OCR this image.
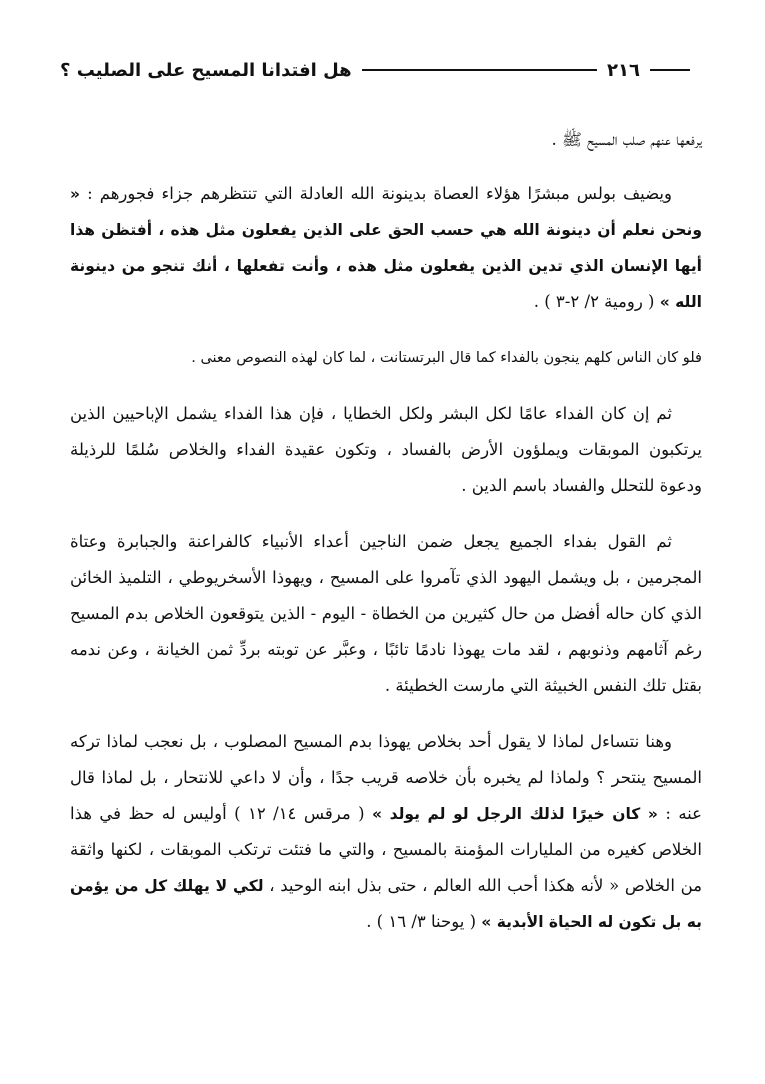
هل افتدانا المسيح على الصليب ؟	٢١٦

يرفعها عنهم صلب المسيح ﷺ .

ويضيف بولس مبشرًا هؤلاء العصاة بدينونة الله العادلة التي تنتظرهم جزاء فجورهم : « ونحن نعلم أن دينونة الله هي حسب الحق على الذين يفعلون مثل هذه ، أفتظن هذا أيها الإنسان الذي تدين الذين يفعلون مثل هذه ، وأنت تفعلها ، أنك تنجو من دينونة الله » ( رومية ٢/ ٢-٣ ) .

فلو كان الناس كلهم ينجون بالفداء كما قال البرتستانت ، لما كان لهذه النصوص معنى .

ثم إن كان الفداء عامًا لكل البشر ولكل الخطايا ، فإن هذا الفداء يشمل الإباحيين الذين يرتكبون الموبقات ويملؤون الأرض بالفساد ، وتكون عقيدة الفداء والخلاص سُلمًا للرذيلة ودعوة للتحلل والفساد باسم الدين .

ثم القول بفداء الجميع يجعل ضمن الناجين أعداء الأنبياء كالفراعنة والجبابرة وعتاة المجرمين ، بل ويشمل اليهود الذي تآمروا على المسيح ، ويهوذا الأسخريوطي ، التلميذ الخائن الذي كان حاله أفضل من حال كثيرين من الخطاة - اليوم - الذين يتوقعون الخلاص بدم المسيح رغم آثامهم وذنوبهم ، لقد مات يهوذا نادمًا تائبًا ، وعبَّر عن توبته بردِّ ثمن الخيانة ، وعن ندمه بقتل تلك النفس الخبيثة التي مارست الخطيئة .

وهنا نتساءل لماذا لا يقول أحد بخلاص يهوذا بدم المسيح المصلوب ، بل نعجب لماذا تركه المسيح ينتحر ؟ ولماذا لم يخبره بأن خلاصه قريب جدًا ، وأن لا داعي للانتحار ، بل لماذا قال عنه : « كان خيرًا لذلك الرجل لو لم يولد » ( مرقس ١٤/ ١٢ ) أوليس له حظ في هذا الخلاص كغيره من المليارات المؤمنة بالمسيح ، والتي ما فتئت ترتكب الموبقات ، لكنها واثقة من الخلاص « لأنه هكذا أحب الله العالم ، حتى بذل ابنه الوحيد ، لكي لا يهلك كل من يؤمن به بل تكون له الحياة الأبدية » ( يوحنا ٣/ ١٦ ) .
